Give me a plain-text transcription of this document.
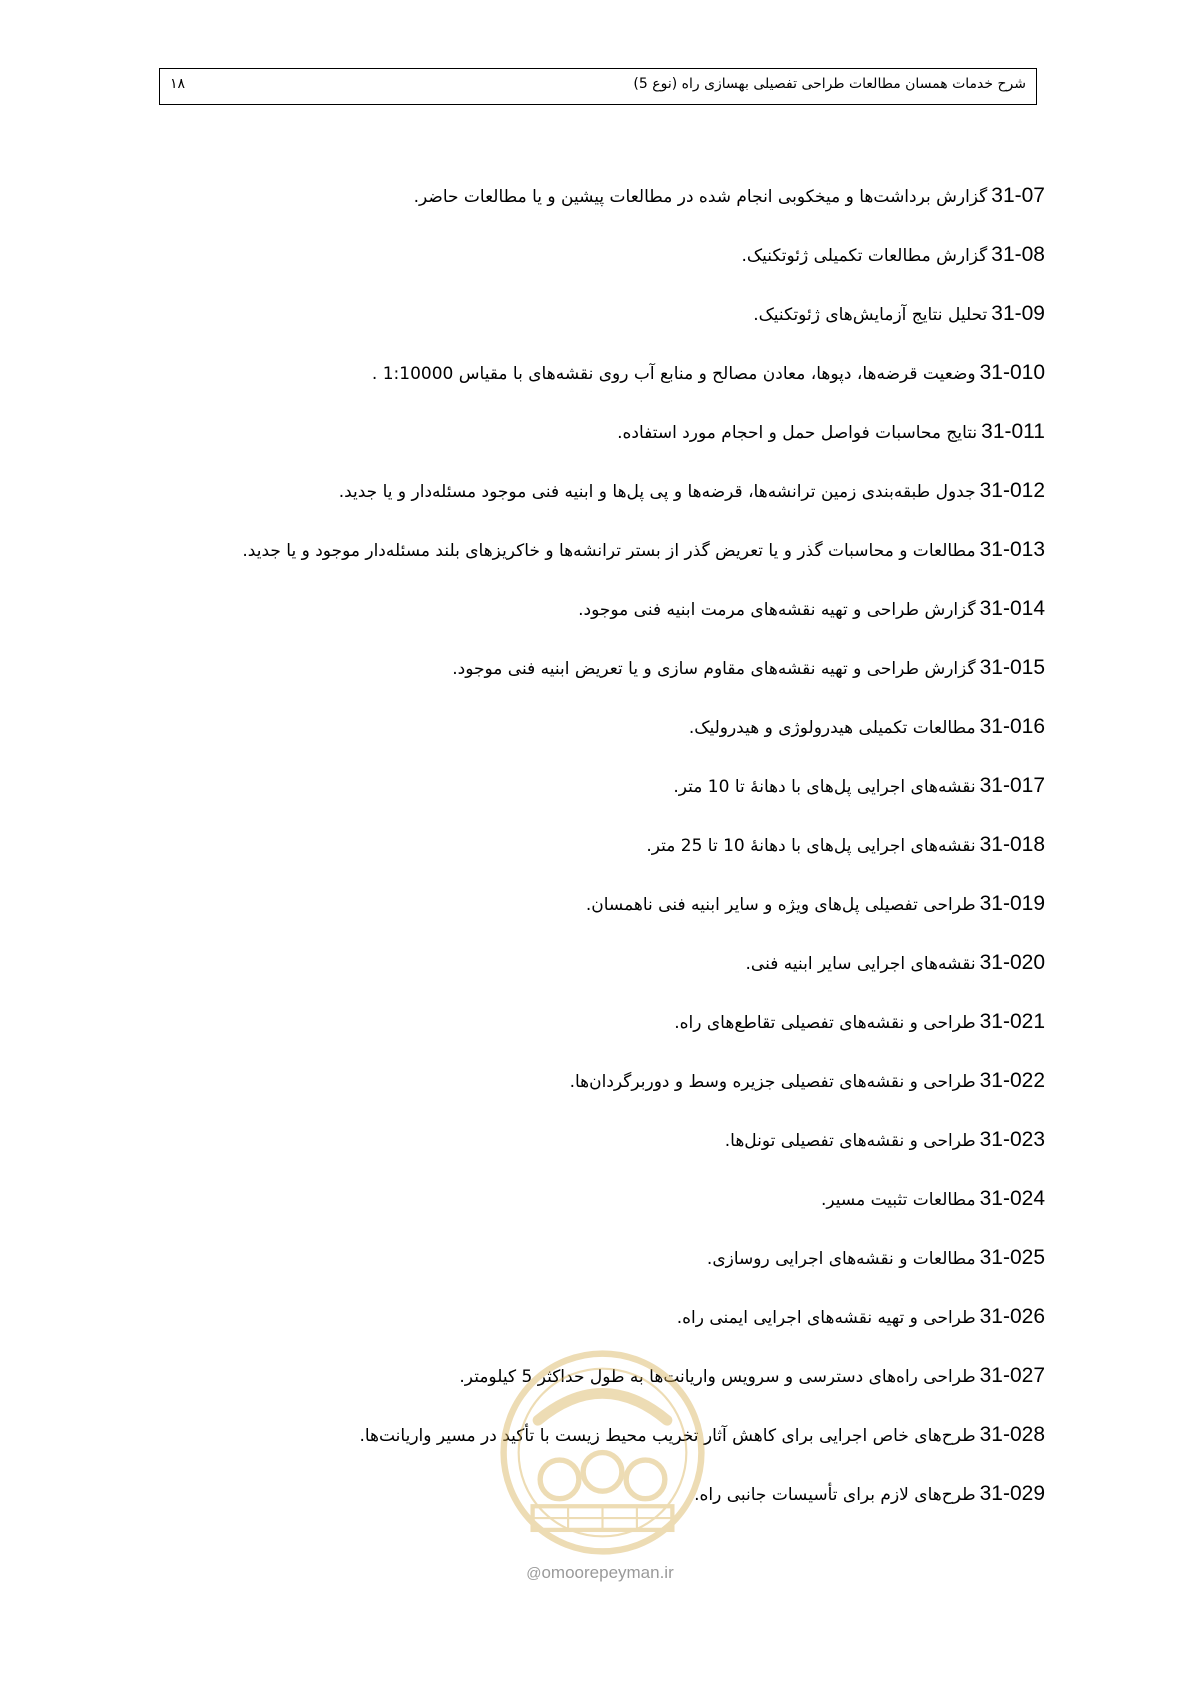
شرح خدمات همسان مطالعات طراحی تفصیلی بهسازی راه (نوع 5)
۱۸
31-07گزارش برداشت‌ها و میخکوبی انجام شده در مطالعات پیشین و یا مطالعات حاضر.
31-08گزارش مطالعات تکمیلی ژئوتکنیک.
31-09تحلیل نتایج آزمایش‌های ژئوتکنیک.
31-010وضعیت قرضه‌ها، دپوها، معادن مصالح و منابع آب روی نقشه‌های با مقیاس 1:10000 .
31-011نتایج محاسبات فواصل حمل و احجام مورد استفاده.
31-012جدول طبقه‌بندی زمین ترانشه‌ها، قرضه‌ها و پی پل‌ها و ابنیه فنی موجود مسئله‌دار و یا جدید.
31-013مطالعات و محاسبات گذر و یا تعریض گذر از بستر ترانشه‌ها و خاکریزهای بلند مسئله‌دار موجود و یا جدید.
31-014گزارش طراحی و تهیه نقشه‌های مرمت ابنیه فنی موجود.
31-015گزارش طراحی و تهیه نقشه‌های مقاوم سازی و یا تعریض ابنیه فنی موجود.
31-016مطالعات تکمیلی هیدرولوژی و هیدرولیک.
31-017نقشه‌های اجرایی پل‌های با دهانهٔ تا 10 متر.
31-018نقشه‌های اجرایی پل‌های با دهانهٔ 10 تا 25 متر.
31-019طراحی تفصیلی پل‌های ویژه و سایر ابنیه فنی ناهمسان.
31-020نقشه‌های اجرایی سایر ابنیه فنی.
31-021طراحی و نقشه‌های تفصیلی تقاطع‌های راه.
31-022طراحی و نقشه‌های تفصیلی جزیره وسط و دوربرگردان‌ها.
31-023طراحی و نقشه‌های تفصیلی تونل‌ها.
31-024مطالعات تثبیت مسیر.
31-025مطالعات و نقشه‌های اجرایی روسازی.
31-026طراحی و تهیه نقشه‌های اجرایی ایمنی راه.
31-027طراحی راه‌های دسترسی و سرویس واریانت‌ها به طول حداکثر 5 کیلومتر.
31-028طرح‌های خاص اجرایی برای کاهش آثار تخریب محیط زیست با تأکید در مسیر واریانت‌ها.
31-029طرح‌های لازم برای تأسیسات جانبی راه.
@omoorepeyman.ir
